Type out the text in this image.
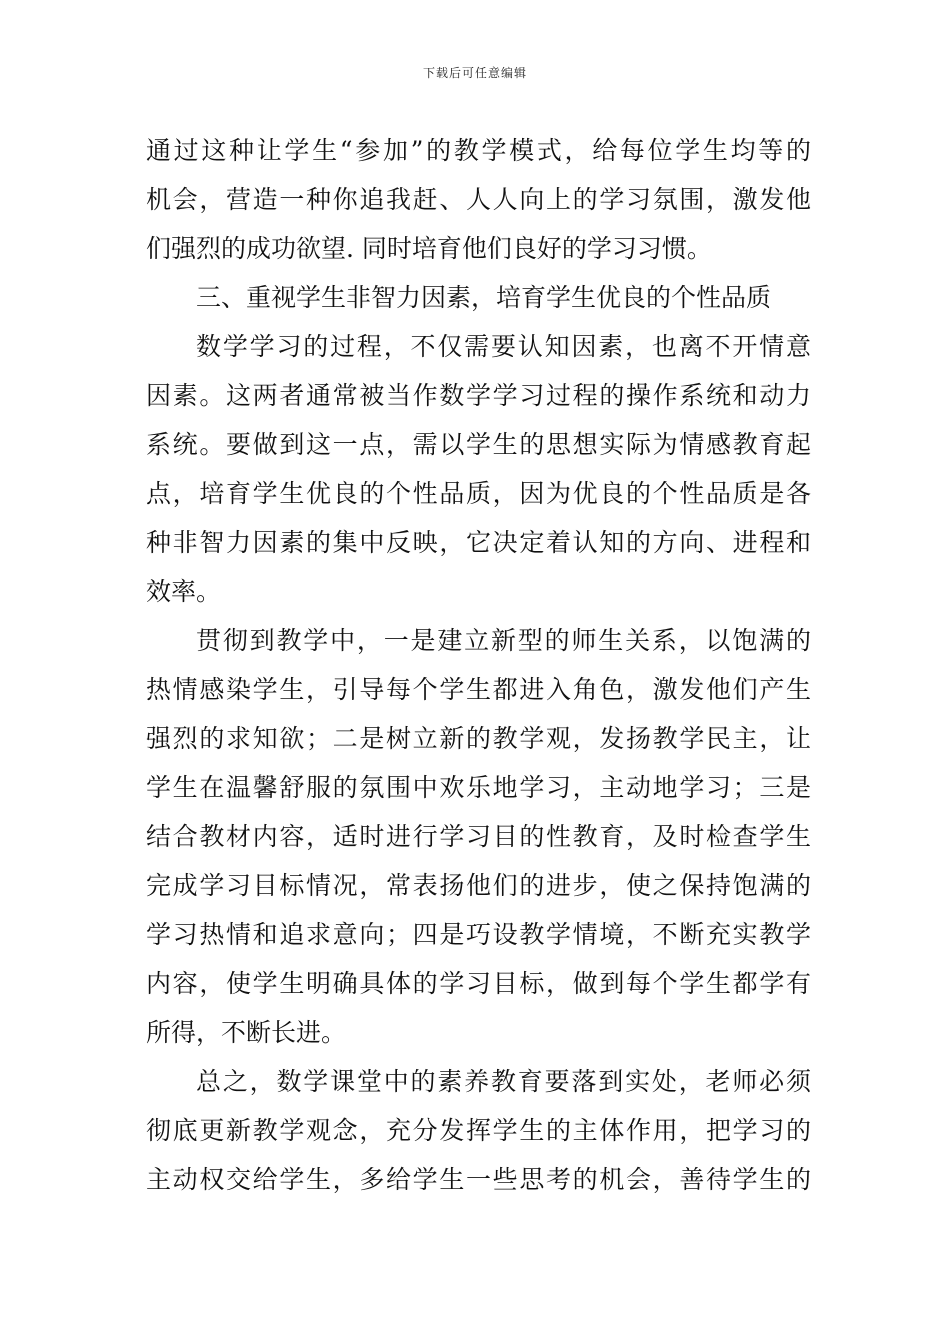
下载后可任意编辑
通过这种让学生“参加”的教学模式，给每位学生均等的
机会，营造一种你追我赶、人人向上的学习氛围，激发他
们强烈的成功欲望. 同时培育他们良好的学习习惯。
三、重视学生非智力因素，培育学生优良的个性品质
数学学习的过程，不仅需要认知因素，也离不开情意
因素。这两者通常被当作数学学习过程的操作系统和动力
系统。要做到这一点，需以学生的思想实际为情感教育起
点，培育学生优良的个性品质，因为优良的个性品质是各
种非智力因素的集中反映，它决定着认知的方向、进程和
效率。
贯彻到教学中，一是建立新型的师生关系，以饱满的
热情感染学生，引导每个学生都进入角色，激发他们产生
强烈的求知欲；二是树立新的教学观，发扬教学民主，让
学生在温馨舒服的氛围中欢乐地学习，主动地学习；三是
结合教材内容，适时进行学习目的性教育，及时检查学生
完成学习目标情况，常表扬他们的进步，使之保持饱满的
学习热情和追求意向；四是巧设教学情境，不断充实教学
内容，使学生明确具体的学习目标，做到每个学生都学有
所得，不断长进。
总之，数学课堂中的素养教育要落到实处，老师必须
彻底更新教学观念，充分发挥学生的主体作用，把学习的
主动权交给学生，多给学生一些思考的机会，善待学生的
